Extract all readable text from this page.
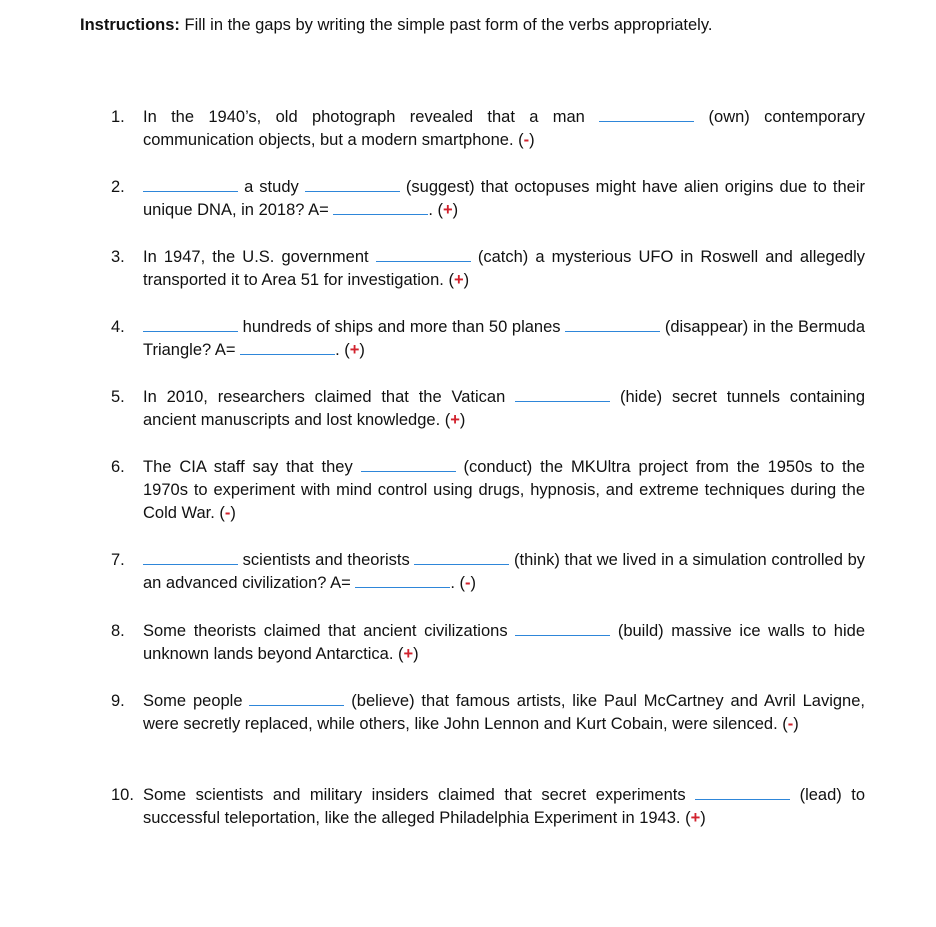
Instructions: Fill in the gaps by writing the simple past form of the verbs appropriately.
1. In the 1940’s, old photograph revealed that a man	(own) contemporary communication objects, but a modern smartphone. (-)
2.	a study	(suggest) that octopuses might have alien origins due to their unique DNA, in 2018? A=	. (+)
3. In 1947, the U.S. government	(catch) a mysterious UFO in Roswell and allegedly transported it to Area 51 for investigation. (+)
4.	hundreds of ships and more than 50 planes	(disappear) in the Bermuda Triangle? A=	. (+)
5. In 2010, researchers claimed that the Vatican	(hide) secret tunnels containing ancient manuscripts and lost knowledge. (+)
6. The CIA staff say that they	(conduct) the MKUltra project from the 1950s to the 1970s to experiment with mind control using drugs, hypnosis, and extreme techniques during the Cold War. (-)
7.	scientists and theorists	(think) that we lived in a simulation controlled by an advanced civilization? A=	. (-)
8. Some theorists claimed that ancient civilizations	(build) massive ice walls to hide unknown lands beyond Antarctica. (+)
9. Some people	(believe) that famous artists, like Paul McCartney and Avril Lavigne, were secretly replaced, while others, like John Lennon and Kurt Cobain, were silenced. (-)
10. Some scientists and military insiders claimed that secret experiments	(lead) to successful teleportation, like the alleged Philadelphia Experiment in 1943. (+)
